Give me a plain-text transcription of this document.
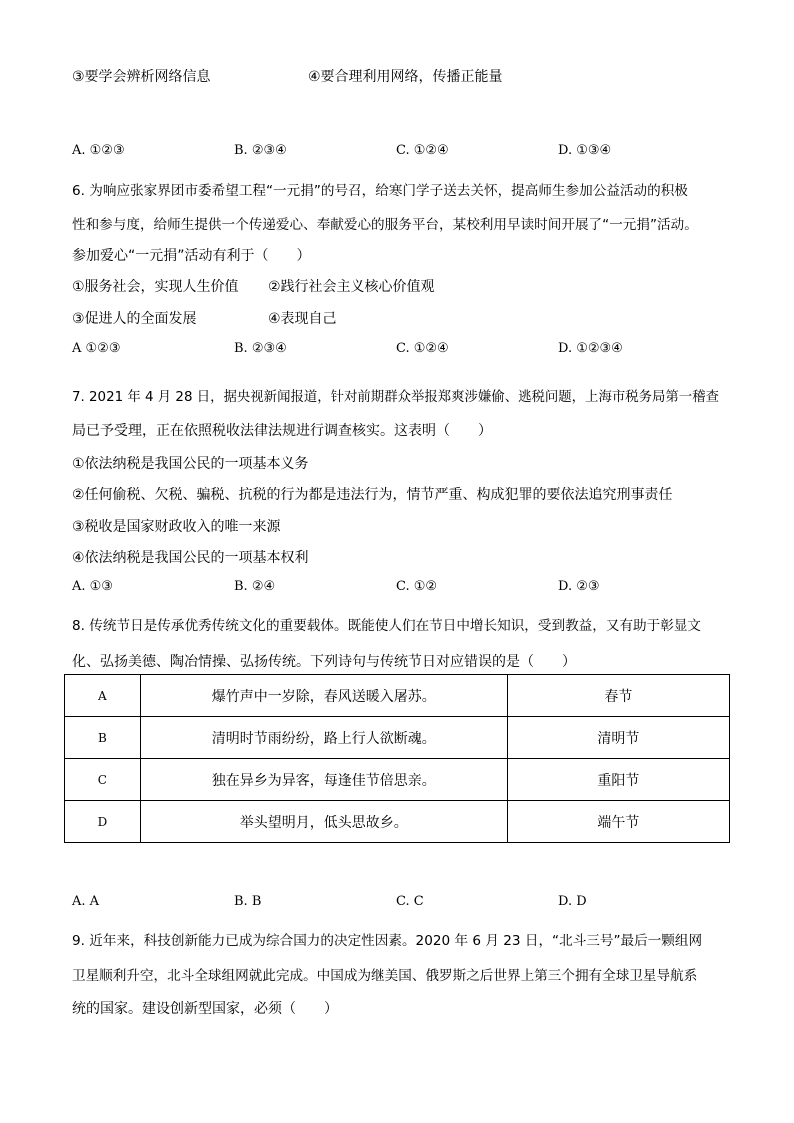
③要学会辨析网络信息	④要合理利用网络，传播正能量
A. ①②③	B. ②③④	C. ①②④	D. ①③④
6. 为响应张家界团市委希望工程“一元捐”的号召，给寒门学子送去关怀，提高师生参加公益活动的积极
性和参与度，给师生提供一个传递爱心、奉献爱心的服务平台，某校利用早读时间开展了“一元捐”活动。
参加爱心“一元捐”活动有利于（　　）
①服务社会，实现人生价值 ②践行社会主义核心价值观
③促进人的全面发展	④表现自己
A ①②③	B. ②③④	C. ①②④	D. ①②③④
7. 2021 年 4 月 28 日，据央视新闻报道，针对前期群众举报郑爽涉嫌偷、逃税问题，上海市税务局第一稽查
局已予受理，正在依照税收法律法规进行调查核实。这表明（　　）
①依法纳税是我国公民的一项基本义务
②任何偷税、欠税、骗税、抗税的行为都是违法行为，情节严重、构成犯罪的要依法追究刑事责任
③税收是国家财政收入的唯一来源
④依法纳税是我国公民的一项基本权利
A. ①③	B. ②④	C. ①②	D. ②③
8. 传统节日是传承优秀传统文化的重要载体。既能使人们在节日中增长知识，受到教益，又有助于彰显文
化、弘扬美德、陶冶情操、弘扬传统。下列诗句与传统节日对应错误的是（　　）
A	爆竹声中一岁除，春风送暖入屠苏。	春节
B	清明时节雨纷纷，路上行人欲断魂。	清明节
C	独在异乡为异客，每逢佳节倍思亲。	重阳节
D	举头望明月，低头思故乡。	端午节
A. A	B. B	C. C	D. D
9. 近年来，科技创新能力已成为综合国力的决定性因素。2020 年 6 月 23 日，“北斗三号”最后一颗组网
卫星顺利升空，北斗全球组网就此完成。中国成为继美国、俄罗斯之后世界上第三个拥有全球卫星导航系
统的国家。建设创新型国家，必须（　　）
